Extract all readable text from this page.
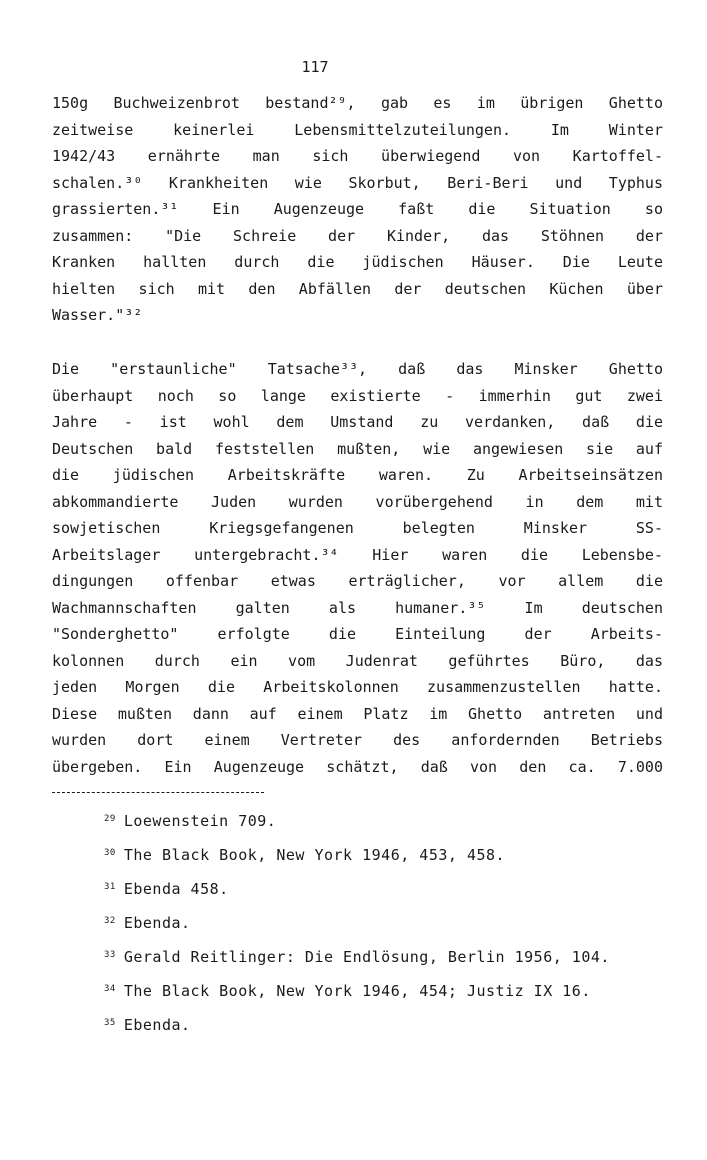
117
150g Buchweizenbrot bestand²⁹, gab es im übrigen Ghetto
zeitweise keinerlei Lebensmittelzuteilungen. Im Winter
1942/43 ernährte man sich überwiegend von Kartoffel-
schalen.³⁰ Krankheiten wie Skorbut, Beri-Beri und Typhus
grassierten.³¹ Ein Augenzeuge faßt die Situation so
zusammen: "Die Schreie der Kinder, das Stöhnen der
Kranken hallten durch die jüdischen Häuser. Die Leute
hielten sich mit den Abfällen der deutschen Küchen über
Wasser."³²
Die "erstaunliche" Tatsache³³, daß das Minsker Ghetto
überhaupt noch so lange existierte - immerhin gut zwei
Jahre - ist wohl dem Umstand zu verdanken, daß die
Deutschen bald feststellen mußten, wie angewiesen sie auf
die jüdischen Arbeitskräfte waren. Zu Arbeitseinsätzen
abkommandierte Juden wurden vorübergehend in dem mit
sowjetischen Kriegsgefangenen belegten Minsker SS-
Arbeitslager untergebracht.³⁴ Hier waren die Lebensbe-
dingungen offenbar etwas erträglicher, vor allem die
Wachmannschaften galten als humaner.³⁵ Im deutschen
"Sonderghetto" erfolgte die Einteilung der Arbeits-
kolonnen durch ein vom Judenrat geführtes Büro, das
jeden Morgen die Arbeitskolonnen zusammenzustellen hatte.
Diese mußten dann auf einem Platz im Ghetto antreten und
wurden dort einem Vertreter des anfordernden Betriebs
übergeben. Ein Augenzeuge schätzt, daß von den ca. 7.000
$^{29}$ Loewenstein 709.
$^{30}$ The Black Book, New York 1946, 453, 458.
$^{31}$ Ebenda 458.
$^{32}$ Ebenda.
$^{33}$ Gerald Reitlinger: Die Endlösung, Berlin 1956, 104.
$^{34}$ The Black Book, New York 1946, 454; Justiz IX 16.
$^{35}$ Ebenda.
